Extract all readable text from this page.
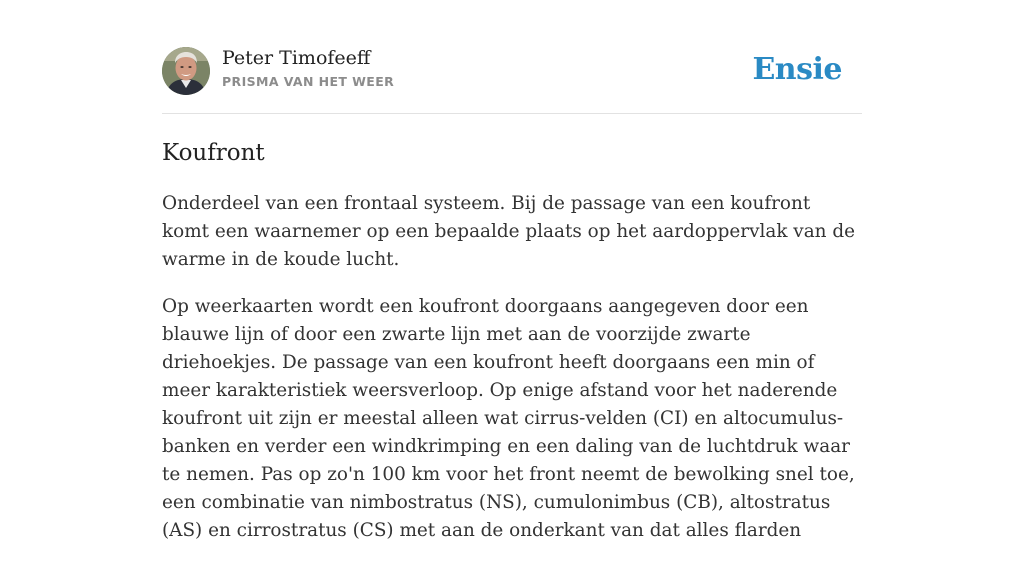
Peter Timofeeff
PRISMA VAN HET WEER	Ensie
Koufront

Onderdeel van een frontaal systeem. Bij de passage van een koufront komt een waarnemer op een bepaalde plaats op het aardoppervlak van de warme in de koude lucht.

Op weerkaarten wordt een koufront doorgaans aangegeven door een blauwe lijn of door een zwarte lijn met aan de voorzijde zwarte driehoekjes. De passage van een koufront heeft doorgaans een min of meer karakteristiek weersverloop. Op enige afstand voor het naderende koufront uit zijn er meestal alleen wat cirrus-velden (CI) en altocumulus-banken en verder een windkrimping en een daling van de luchtdruk waar te nemen. Pas op zo'n 100 km voor het front neemt de bewolking snel toe, een combinatie van nimbostratus (NS), cumulonimbus (CB), altostratus (AS) en cirrostratus (CS) met aan de onderkant van dat alles flarden
